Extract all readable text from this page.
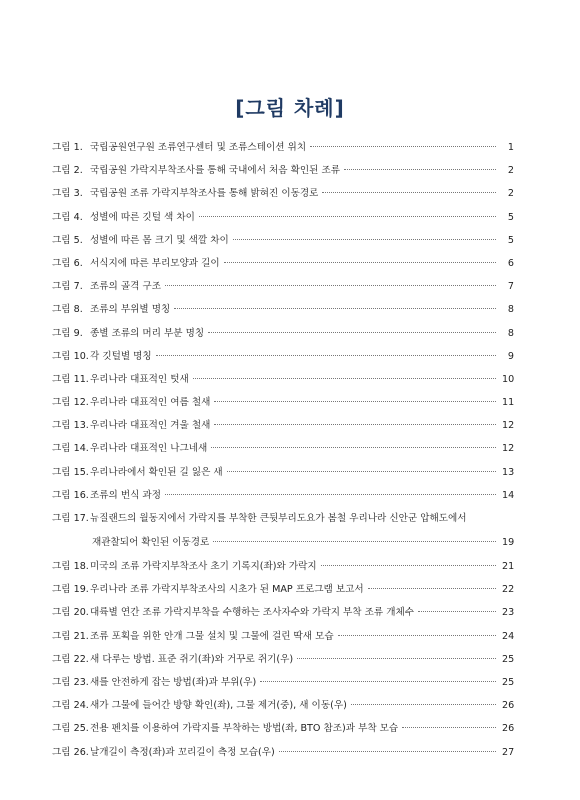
[그림 차례]
그림 1. 국립공원연구원 조류연구센터 및 조류스테이션 위치	1
그림 2. 국립공원 가락지부착조사를 통해 국내에서 처음 확인된 조류	2
그림 3. 국립공원 조류 가락지부착조사를 통해 밝혀진 이동경로	2
그림 4. 성별에 따른 깃털 색 차이	5
그림 5. 성별에 따른 몸 크기 및 색깔 차이	5
그림 6. 서식지에 따른 부리모양과 길이	6
그림 7. 조류의 골격 구조	7
그림 8. 조류의 부위별 명칭	8
그림 9. 종별 조류의 머리 부분 명칭	8
그림 10. 각 깃털별 명칭	9
그림 11. 우리나라 대표적인 텃새	10
그림 12. 우리나라 대표적인 여름 철새	11
그림 13. 우리나라 대표적인 겨울 철새	12
그림 14. 우리나라 대표적인 나그네새	12
그림 15. 우리나라에서 확인된 길 잃은 새	13
그림 16. 조류의 번식 과정	14
그림 17. 뉴질랜드의 월동지에서 가락지를 부착한 큰뒷부리도요가 봄철 우리나라 신안군 압해도에서
재관찰되어 확인된 이동경로	19
그림 18. 미국의 조류 가락지부착조사 초기 기록지(좌)와 가락지	21
그림 19. 우리나라 조류 가락지부착조사의 시초가 된 MAP 프로그램 보고서	22
그림 20. 대륙별 연간 조류 가락지부착을 수행하는 조사자수와 가락지 부착 조류 개체수	23
그림 21. 조류 포획을 위한 안개 그물 설치 및 그물에 걸린 딱새 모습	24
그림 22. 새 다루는 방법. 표준 쥐기(좌)와 거꾸로 쥐기(우)	25
그림 23. 새를 안전하게 잡는 방법(좌)과 부위(우)	25
그림 24. 새가 그물에 들어간 방향 확인(좌), 그물 제거(중), 새 이동(우)	26
그림 25. 전용 펜치를 이용하여 가락지를 부착하는 방법(좌, BTO 참조)과 부착 모습	26
그림 26. 날개길이 측정(좌)과 꼬리길이 측정 모습(우)	27
